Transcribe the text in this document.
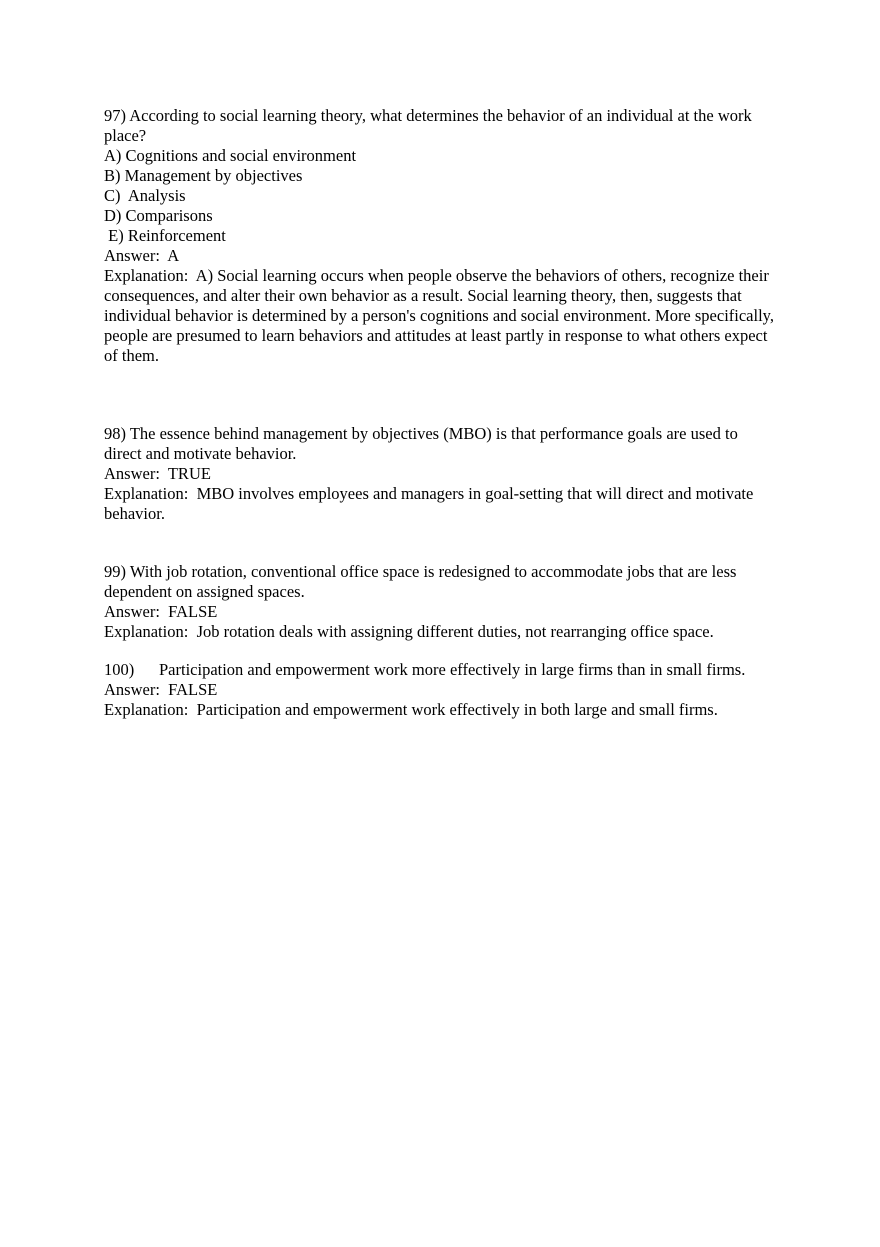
97) According to social learning theory, what determines the behavior of an individual at the work place?

A) Cognitions and social environment

B) Management by objectives

C)  Analysis

D) Comparisons

E) Reinforcement

Answer:  A

Explanation:  A) Social learning occurs when people observe the behaviors of others, recognize their consequences, and alter their own behavior as a result. Social learning theory, then, suggests that individual behavior is determined by a person's cognitions and social environment. More specifically, people are presumed to learn behaviors and attitudes at least partly in response to what others expect of them.

98) The essence behind management by objectives (MBO) is that performance goals are used to direct and motivate behavior.

Answer:  TRUE

Explanation:  MBO involves employees and managers in goal-setting that will direct and motivate behavior.

99) With job rotation, conventional office space is redesigned to accommodate jobs that are less dependent on assigned spaces.

Answer:  FALSE

Explanation:  Job rotation deals with assigning different duties, not rearranging office space.

100)      Participation and empowerment work more effectively in large firms than in small firms. Answer:  FALSE

Explanation:  Participation and empowerment work effectively in both large and small firms.
